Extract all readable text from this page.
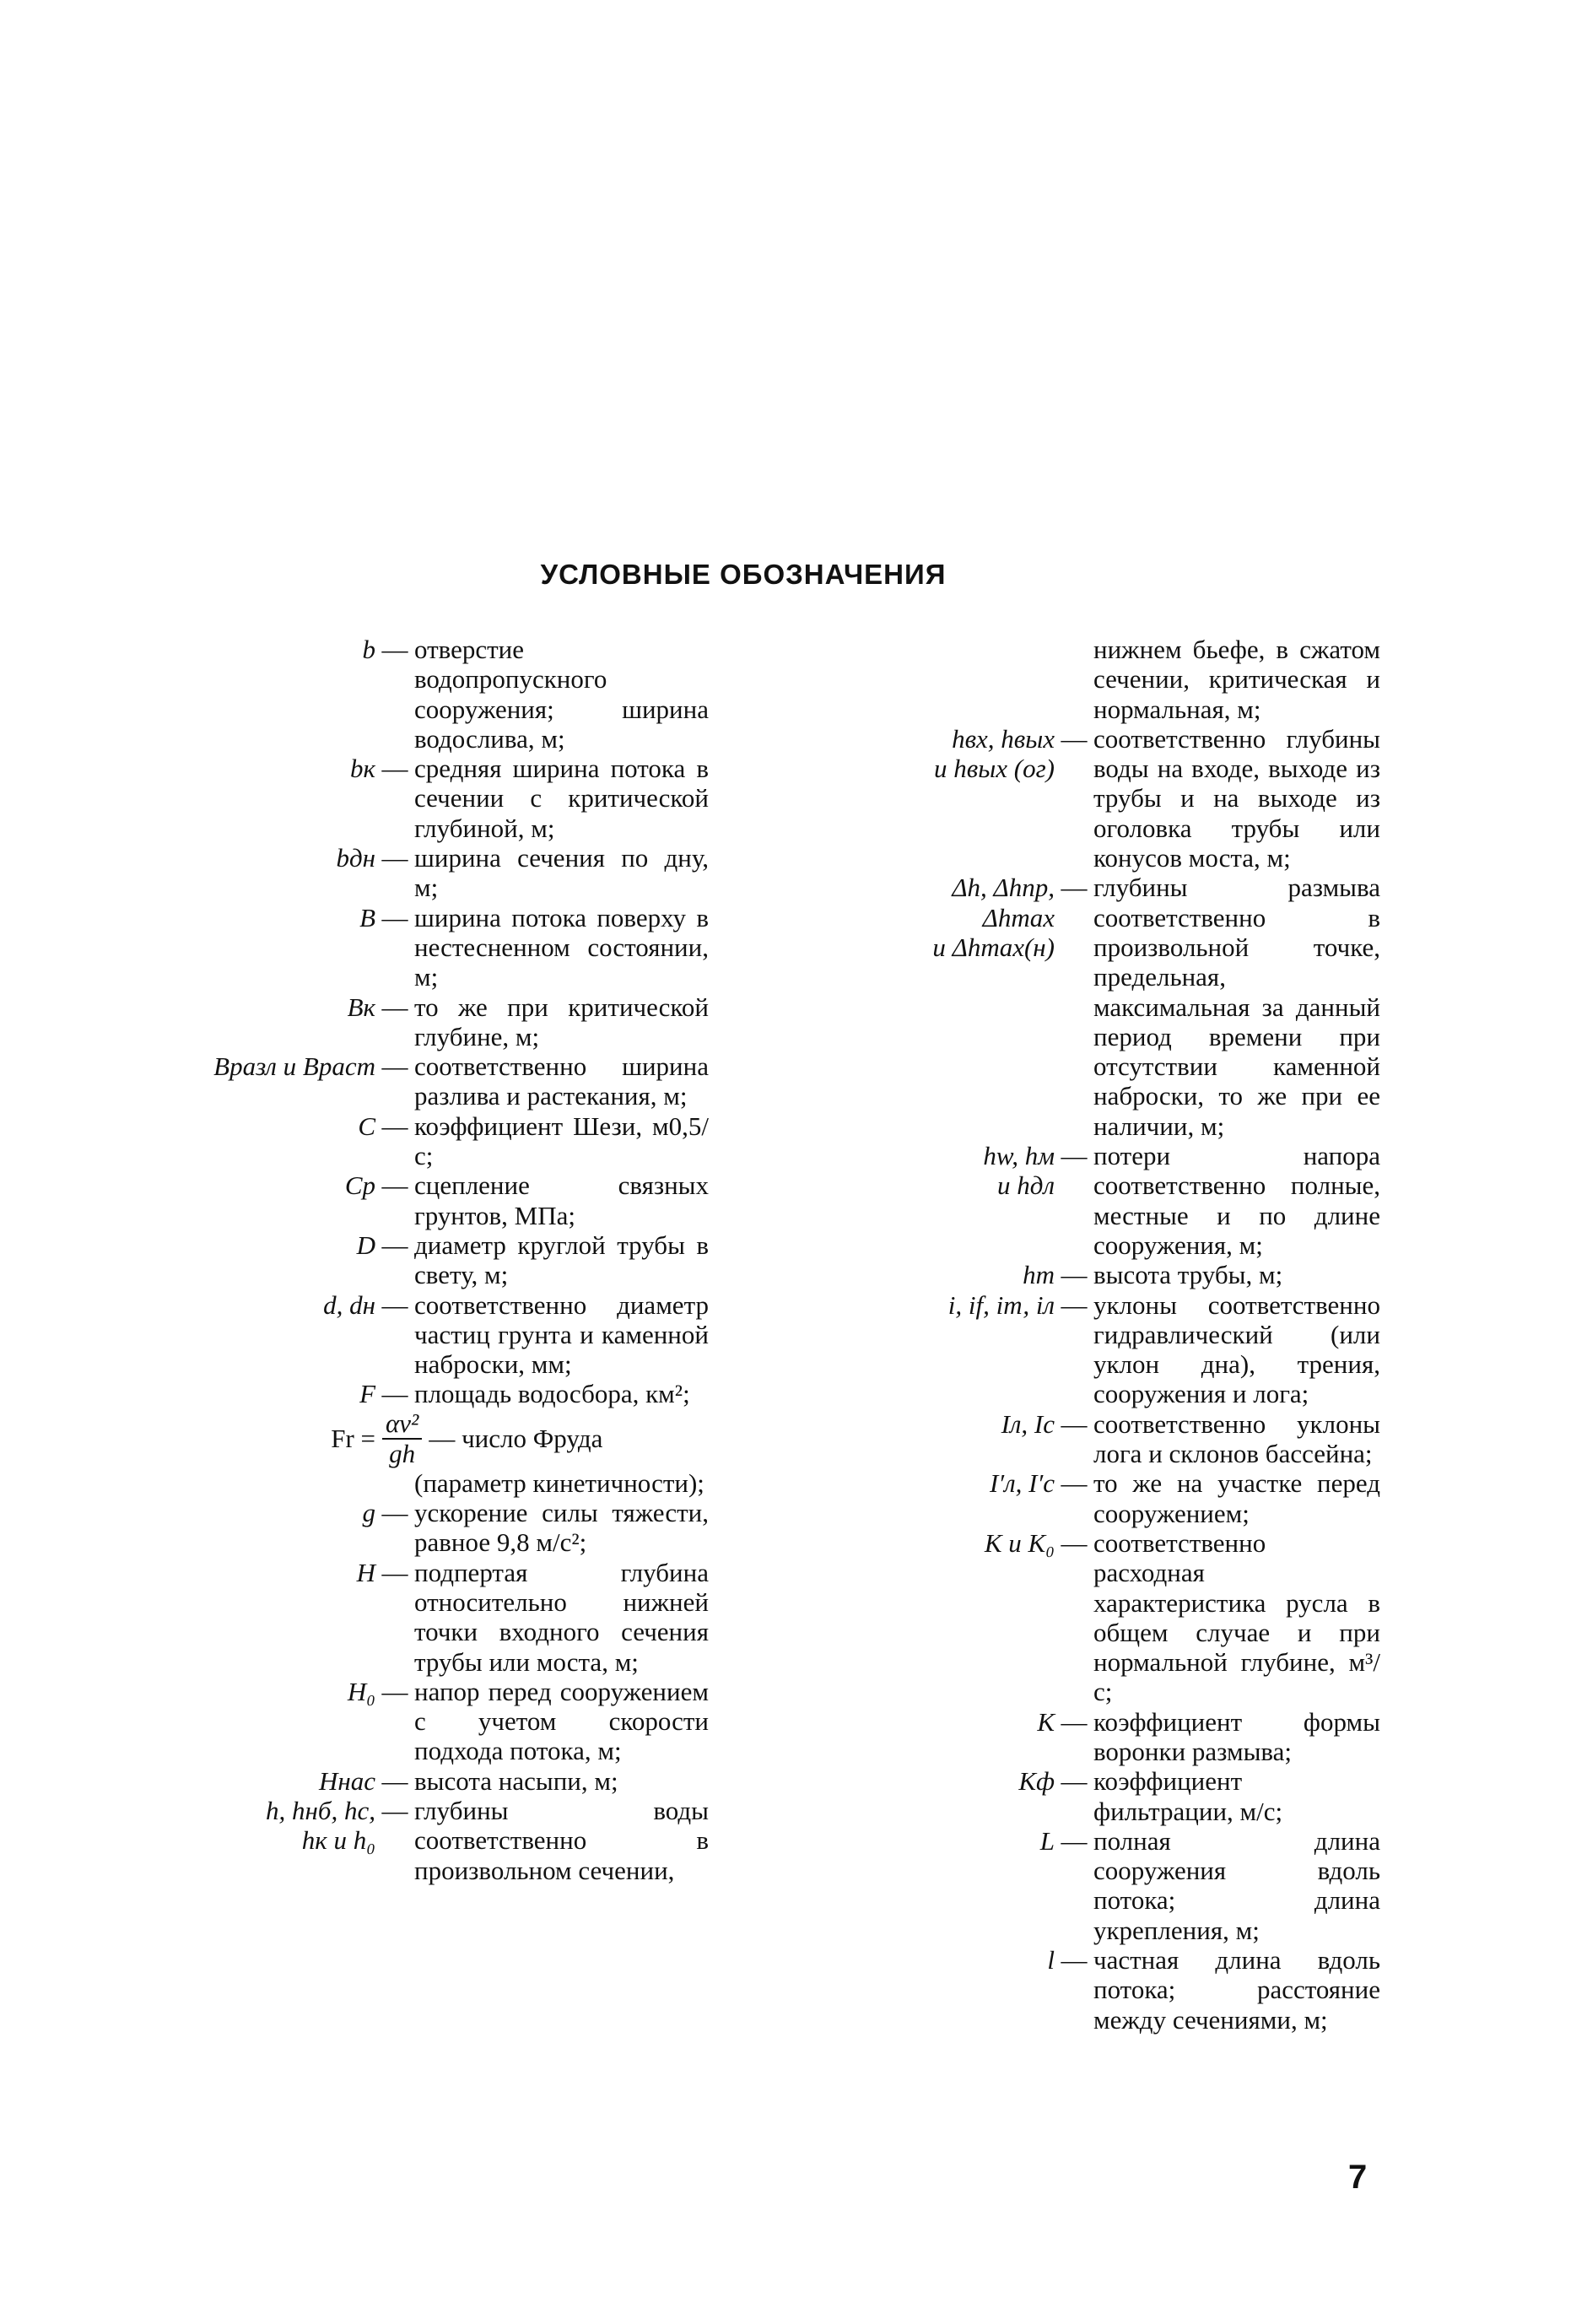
УСЛОВНЫЕ ОБОЗНАЧЕНИЯ
b — отверстие водопропускного сооружения; ширина водослива, м;
bк — средняя ширина потока в сечении с критической глубиной, м;
bдн — ширина сечения по дну, м;
B — ширина потока поверху в нестесненном состоянии, м;
Bк — то же при критической глубине, м;
Bразл и Bраст — соответственно ширина разлива и растекания, м;
C — коэффициент Шези, м0,5/с;
Cр — сцепление связных грунтов, МПа;
D — диаметр круглой трубы в свету, м;
d, dн — соответственно диаметр частиц грунта и каменной наброски, мм;
F — площадь водосбора, км²;
$Fr = \frac{\text{αv²}}{gh}$ — число Фруда
(параметр кинетичности);
g — ускорение силы тяжести, равное 9,8 м/с²;
H — подпертая глубина относительно нижней точки входного сечения трубы или моста, м;
H₀ — напор перед сооружением с учетом скорости подхода потока, м;
Hнас — высота насыпи, м;
h, hнб, hс,
hк и h₀
— глубины воды соответственно в произвольном сечении,
нижнем бьефе, в сжатом сечении, критическая и нормальная, м;
hвх, hвых
и hвых (ог)
— соответственно глубины воды на входе, выходе из трубы и на выходе из оголовка трубы или конусов моста, м;
Δh, Δhпр,
Δhmax
и Δhmax(н)
— глубины размыва соответственно в произвольной точке, предельная, максимальная за данный период времени при отсутствии каменной наброски, то же при ее наличии, м;
hw, hм
и hдл
— потери напора соответственно полные, местные и по длине сооружения, м;
hт — высота трубы, м;
i, if, iт, iл — уклоны соответственно гидравлический (или уклон дна), трения, сооружения и лога;
Iл, Iс — соответственно уклоны лога и склонов бассейна;
I′л, I′с — то же на участке перед сооружением;
K и K₀ — соответственно расходная характеристика русла в общем случае и при нормальной глубине, м³/с;
K — коэффициент формы воронки размыва;
Kф — коэффициент фильтрации, м/с;
L — полная длина сооружения вдоль потока; длина укрепления, м;
l — частная длина вдоль потока; расстояние между сечениями, м;
7
